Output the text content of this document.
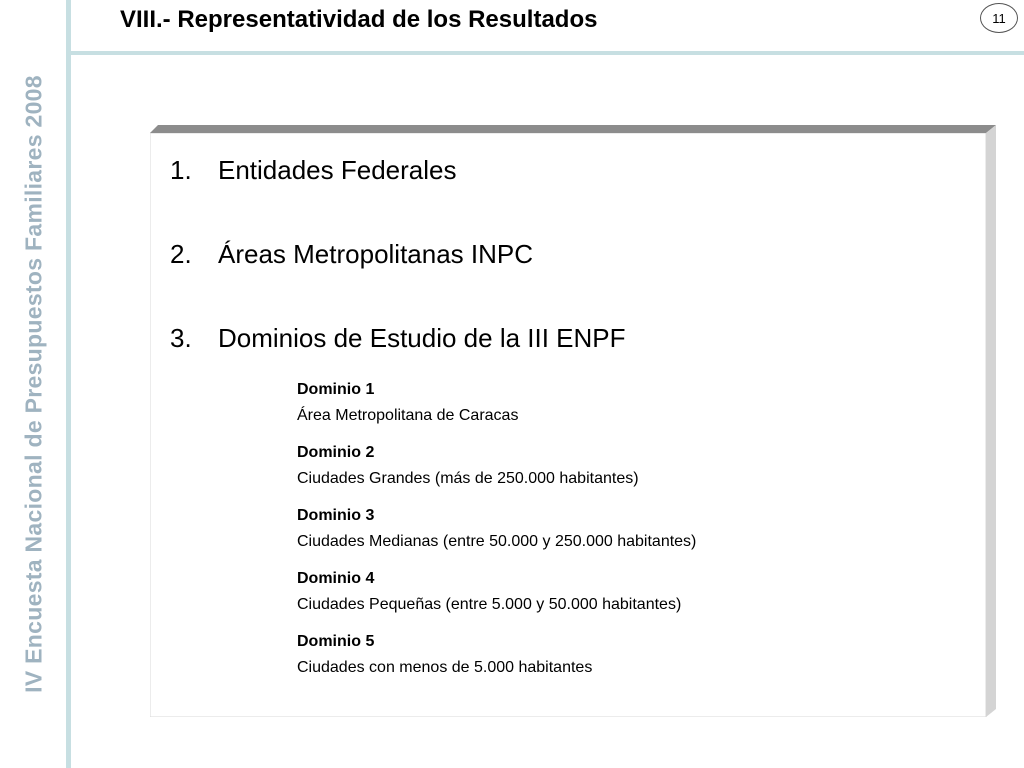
IV Encuesta Nacional de Presupuestos Familiares 2008
VIII.- Representatividad de los Resultados	11
1.	Entidades Federales
2.	Áreas Metropolitanas INPC
3.	Dominios de Estudio de la III ENPF
Dominio 1
Área Metropolitana de Caracas
Dominio 2
Ciudades Grandes (más de 250.000 habitantes)
Dominio 3
Ciudades Medianas (entre 50.000 y 250.000 habitantes)
Dominio 4
Ciudades Pequeñas (entre 5.000 y 50.000 habitantes)
Dominio 5
Ciudades con menos de 5.000 habitantes
